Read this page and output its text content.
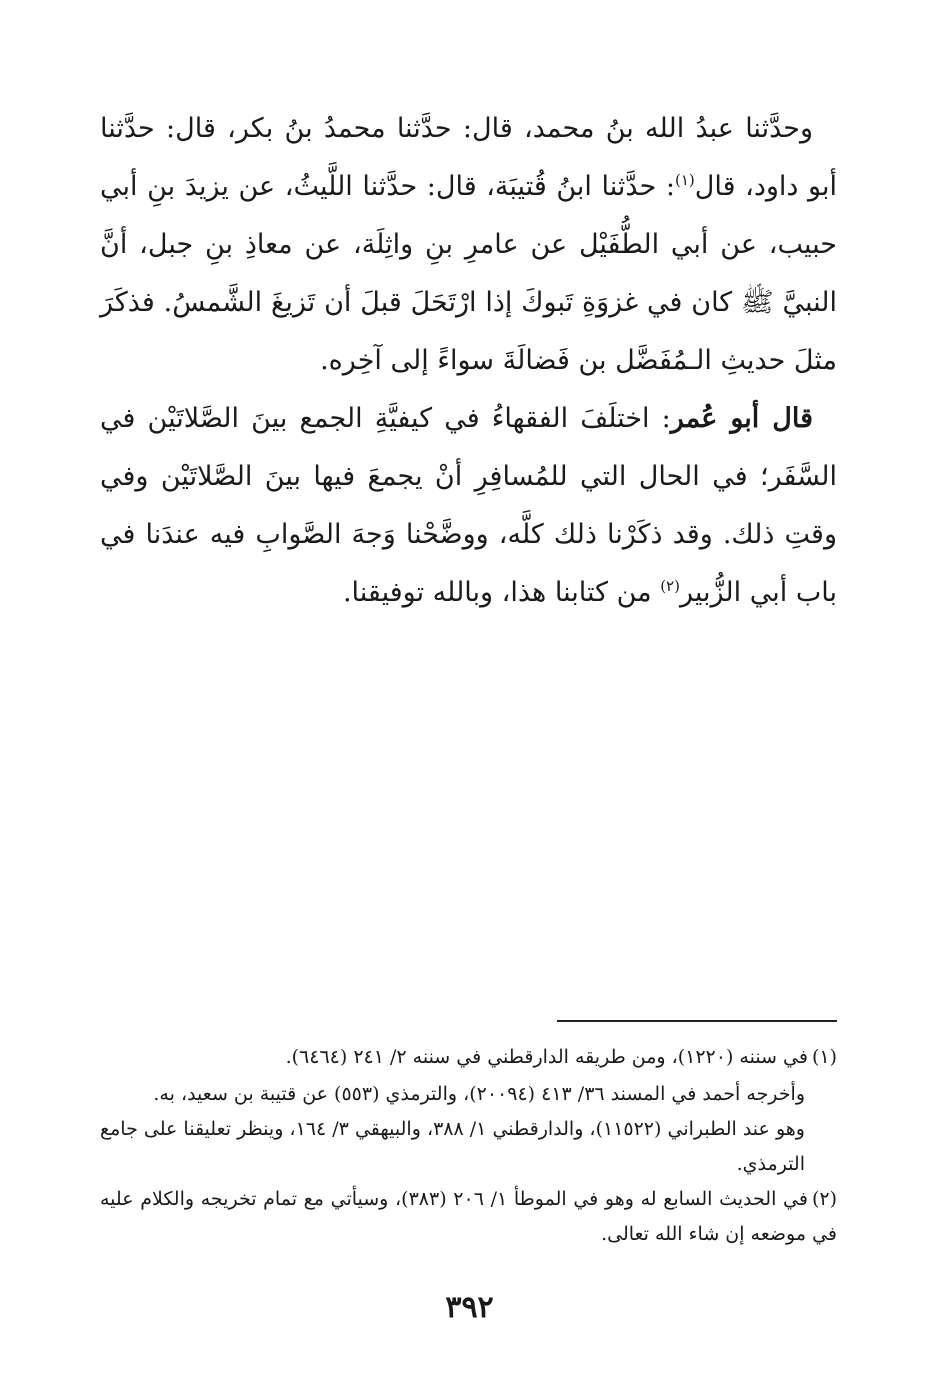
وحدَّثنا عبدُ الله بنُ محمد، قال: حدَّثنا محمدُ بنُ بكر، قال: حدَّثنا أبو داود، قال$^{(١)}$: حدَّثنا ابنُ قُتيبَة، قال: حدَّثنا اللَّيثُ، عن يزيدَ بنِ أبي حبيب، عن أبي الطُّفَيْل عن عامرِ بنِ واثِلَة، عن معاذِ بنِ جبل، أنَّ النبيَّ ﷺ كان في غزوَةِ تَبوكَ إذا ارْتَحَلَ قبلَ أن تَزيغَ الشَّمسُ. فذكَرَ مثلَ حديثِ الـمُفَضَّل بن فَضالَةَ سواءً إلى آخِره.

قال أبو عُمر: اختلَفَ الفقهاءُ في كيفيَّةِ الجمع بينَ الصَّلاتَيْن في السَّفَر؛ في الحال التي للمُسافِرِ أنْ يجمعَ فيها بينَ الصَّلاتَيْن وفي وقتِ ذلك. وقد ذكَرْنا ذلك كلَّه، ووضَّحْنا وَجهَ الصَّوابِ فيه عندَنا في باب أبي الزُّبير$^{(٢)}$ من كتابنا هذا، وبالله توفيقنا.

(١)في سننه (١٢٢٠)، ومن طريقه الدارقطني في سننه ٢/ ٢٤١ (٦٤٦٤).

وأخرجه أحمد في المسند ٣٦/ ٤١٣ (٢٠٠٩٤)، والترمذي (٥٥٣) عن قتيبة بن سعيد، به.

وهو عند الطبراني (١١٥٢٢)، والدارقطني ١/ ٣٨٨، والبيهقي ٣/ ١٦٤، وينظر تعليقنا على جامع الترمذي.

(٢)في الحديث السابع له وهو في الموطأ ١/ ٢٠٦ (٣٨٣)، وسيأتي مع تمام تخريجه والكلام عليه في موضعه إن شاء الله تعالى.

٣٩٢
